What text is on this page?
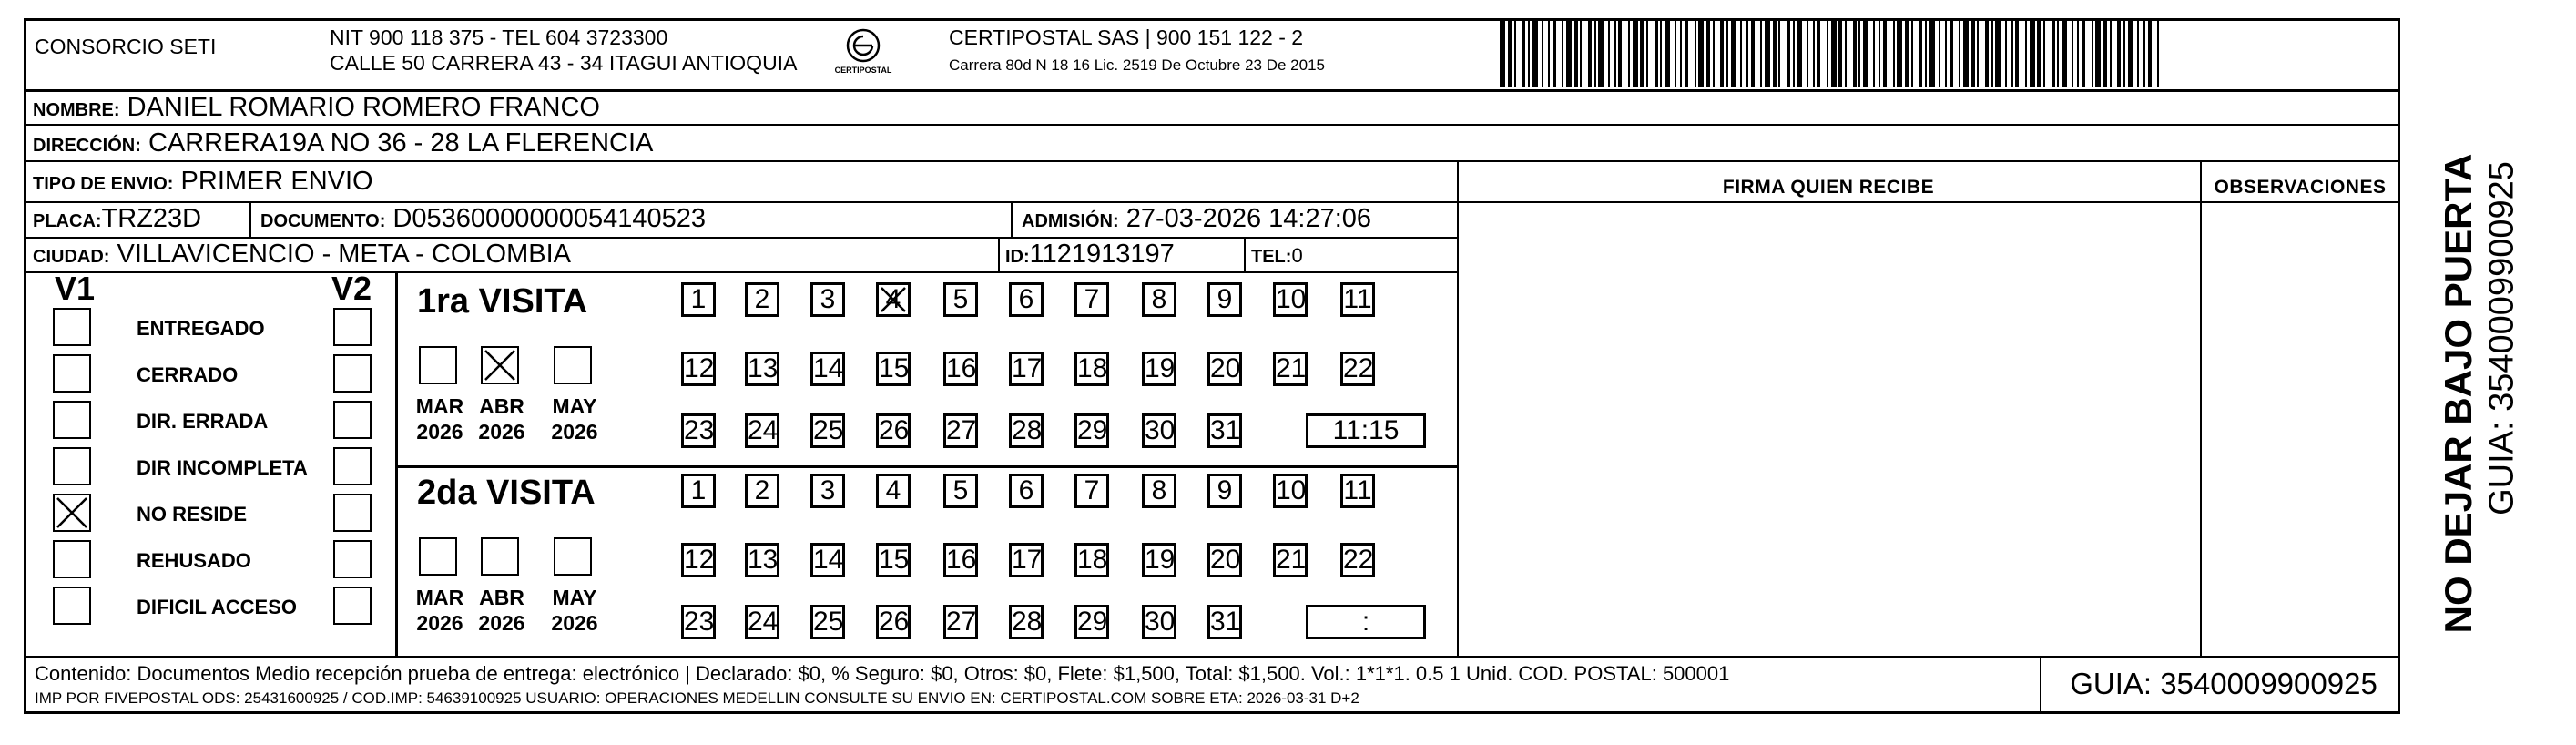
CONSORCIO SETI	NIT 900 118 375 - TEL 604 3723300
CALLE 50 CARRERA 43 - 34 ITAGUI ANTIOQUIA	CERTIPOSTAL
CERTIPOSTAL SAS | 900 151 122 - 2
Carrera 80d N 18 16 Lic. 2519 De Octubre 23 De 2015
NOMBRE: DANIEL ROMARIO ROMERO FRANCO
DIRECCIÓN: CARRERA19A NO 36 - 28 LA FLERENCIA
TIPO DE ENVIO: PRIMER ENVIO
PLACA:TRZ23D	DOCUMENTO: D05360000000054140523	ADMISIÓN: 27-03-2026 14:27:06
CIUDAD: VILLAVICENCIO - META - COLOMBIA	ID:1121913197	TEL:0
FIRMA QUIEN RECIBE	OBSERVACIONES
V1	V2
ENTREGADO
CERRADO
DIR. ERRADA
DIR INCOMPLETA
NO RESIDE
REHUSADO
DIFICIL ACCESO
1ra VISITA
MAR
2026
ABR
2026
MAY
2026
1	2	3	4	5	6	7	8	9	10 11
12 13 14 15 16 17 18 19 20 21 22
23 24 25 26 27 28 29 30 31	11:15
2da VISITA
MAR
2026
ABR
2026
MAY
2026
1	2	3	4	5	6	7	8	9	10 11
12 13 14 15 16 17 18 19 20 21 22
23 24 25 26 27 28 29 30 31	:
Contenido: Documentos Medio recepción prueba de entrega: electrónico | Declarado: $0, % Seguro: $0, Otros: $0, Flete: $1,500, Total: $1,500. Vol.: 1*1*1. 0.5 1 Unid. COD. POSTAL: 500001
IMP POR FIVEPOSTAL ODS: 25431600925 / COD.IMP: 54639100925 USUARIO: OPERACIONES MEDELLIN CONSULTE SU ENVIO EN: CERTIPOSTAL.COM SOBRE ETA: 2026-03-31 D+2	GUIA: 3540009900925
NO DEJAR BAJO PUERTA GUIA: 3540009900925
